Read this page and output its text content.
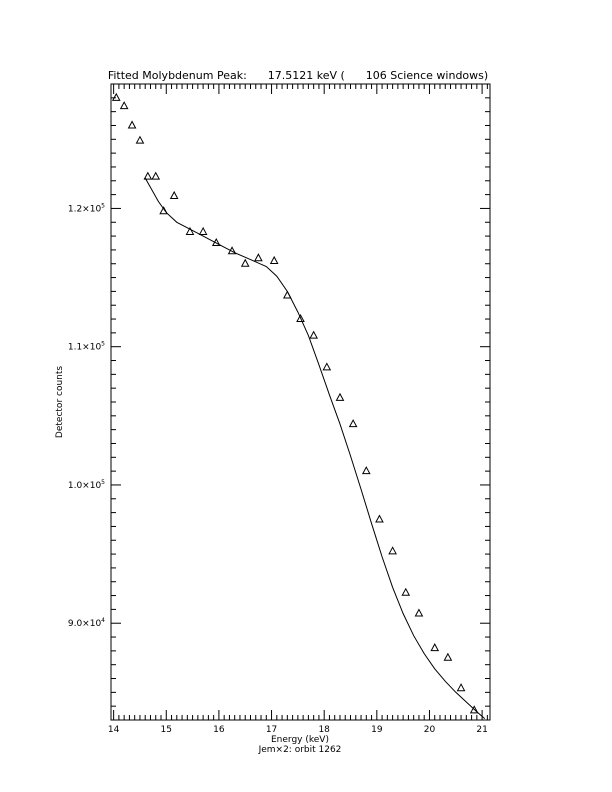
Fitted Molybdenum Peak:      17.5121 keV (      106 Science windows)
14	15	16	17	18	19	20	21
$9.0\times 10^4$
$1.0\times 10^5$
$1.1\times 10^5$
$1.2\times 10^5$
Energy (keV)
Jem×2: orbit 1262
Detector counts
